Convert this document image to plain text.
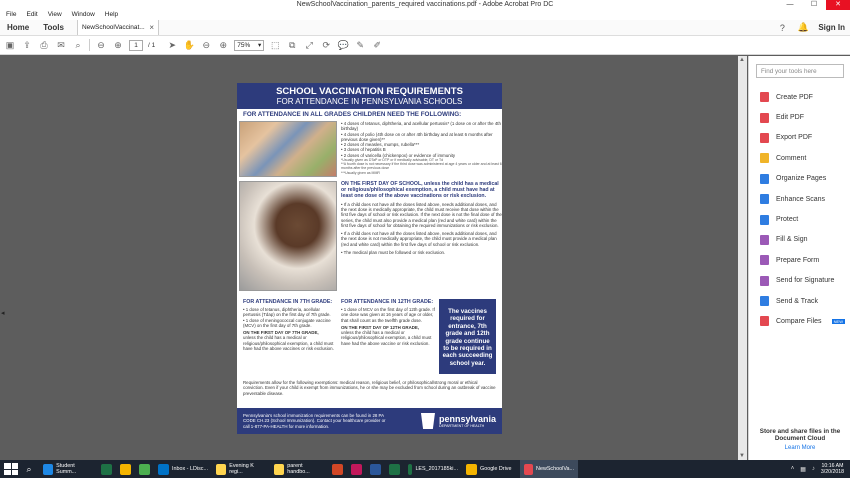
NewSchoolVaccination_parents_required vaccinations.pdf - Adobe Acrobat Pro DC	—	☐	✕
File	Edit	View	Window	Help
Home	Tools	NewSchoolVaccinat... ×	?	🔔 Sign In
▣ ⇪ ⎙ ✉	⌕	⊖ ⊕	1	/ 1 ➤ ✋ ⊖ ⊕	75% ▾ ⬚	⧉	⤢ ⟳ 💬 ✎ ✐
◂
▲
▼
SCHOOL VACCINATION REQUIREMENTS
FOR ATTENDANCE IN PENNSYLVANIA SCHOOLS
FOR ATTENDANCE IN ALL GRADES CHILDREN NEED THE FOLLOWING:
• 4 doses of tetanus, diphtheria, and acellular pertussis* (1 dose on or after the 4th birthday)
• 4 doses of polio (4th dose on or after 4th birthday and at least 6 months after previous dose given)**
• 2 doses of measles, mumps, rubella***
• 3 doses of hepatitis B
• 2 doses of varicella (chickenpox) or evidence of immunity
*Usually given as DTaP or DTP or if medically advisable, DT or Td
**A fourth dose is not necessary if the third dose was administered at age 4 years or older and at least 6 months after the previous dose
***Usually given as MMR
ON THE FIRST DAY OF SCHOOL, unless the child has a medical or religious/philosophical exemption, a child must have had at least one dose of the above vaccinations or risk exclusion.

• If a child does not have all the doses listed above, needs additional doses, and the next dose is medically appropriate, the child must receive that dose within the first five days of school or risk exclusion. If the next dose is not the final dose of the series, the child must also provide a medical plan (red and white card) within the first five days of school for obtaining the required immunizations or risk exclusion.

• If a child does not have all the doses listed above, needs additional doses, and the next dose is not medically appropriate, the child must provide a medical plan (red and white card) within the first five days of school or risk exclusion.

• The medical plan must be followed or risk exclusion.

FOR ATTENDANCE IN 7TH GRADE:
• 1 dose of tetanus, diphtheria, acellular pertussis (Tdap) on the first day of 7th grade.
• 1 dose of meningococcal conjugate vaccine (MCV) on the first day of 7th grade.
ON THE FIRST DAY OF 7TH GRADE,
unless the child has a medical or religious/philosophical exemption, a child must have had the above vaccines or risk exclusion.
FOR ATTENDANCE IN 12TH GRADE:
• 1 dose of MCV on the first day of 12th grade. If one dose was given at 16 years of age or older, that shall count as the twelfth grade dose.
ON THE FIRST DAY OF 12TH GRADE,
unless the child has a medical or religious/philosophical exemption, a child must have had the above vaccine or risk exclusion.
The vaccines required for entrance, 7th grade and 12th grade continue to be required in each succeeding school year.
Requirements allow for the following exemptions: medical reason, religious belief, or philosophical/strong moral or ethical conviction. Even if your child is exempt from immunizations, he or she may be excluded from school during an outbreak of vaccine preventable disease.
Pennsylvania's school immunization requirements can be found in 28 PA CODE CH.23 (School Immunization). Contact your healthcare provider or call 1-877-PA-HEALTH for more information.
pennsylvania
DEPARTMENT OF HEALTH
Find your tools here
Create PDF
Edit PDF
Export PDF
Comment
Organize Pages
Enhance Scans
Protect
Fill & Sign
Prepare Form
Send for Signature
Send & Track
Compare Files	NEW
Store and share files in the Document Cloud
Learn More
⌕	Student Summ...	Inbox - LDisc...	Evening K regi...
parent handbo...	LES_2017185ki...	Google Drive	NewSchoolVa...	˄ ▦ ♪
10:16 AM
3/20/2018
